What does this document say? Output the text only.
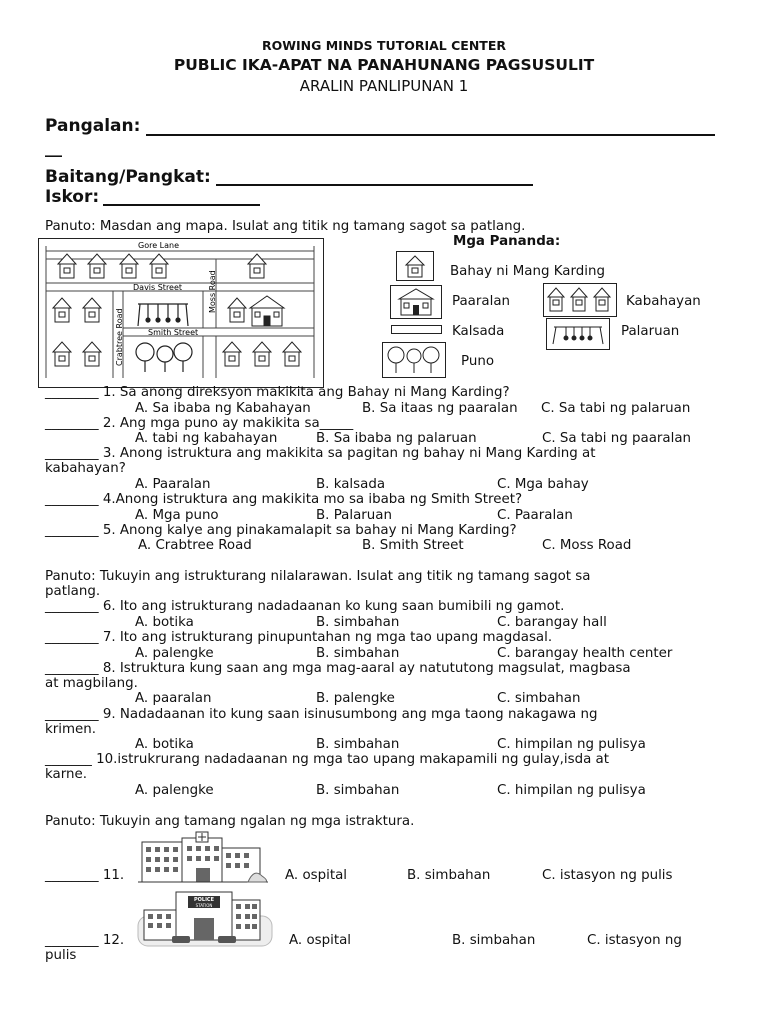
ROWING MINDS TUTORIAL CENTER
PUBLIC IKA-APAT NA PANAHUNANG PAGSUSULIT
ARALIN PANLIPUNAN 1
Pangalan:
__
Baitang/Pangkat:
Iskor:
Panuto: Masdan ang mapa. Isulat ang titik ng tamang sagot sa patlang.
Gore Lane
Davis Street
Smith Street
Crabtree Road
Moss Road
Mga Pananda:
Bahay ni Mang Karding
Paaralan	Kabahayan
Kalsada	Palaruan
Puno
________ 1. Sa anong direksyon makikita ang Bahay ni Mang Karding?
A. Sa ibaba ng Kabahayan	B. Sa itaas ng paaralan C. Sa tabi ng palaruan
________ 2. Ang mga puno ay makikita sa_____
A. tabi ng kabahayan	B. Sa ibaba ng palaruan	C. Sa tabi ng paaralan
________ 3. Anong istruktura ang makikita sa pagitan ng bahay ni Mang Karding at
kabahayan?
A. Paaralan	B. kalsada	C. Mga bahay
________ 4.Anong istruktura ang makikita mo sa ibaba ng Smith Street?
A. Mga puno	B. Palaruan	C. Paaralan
________ 5. Anong kalye ang pinakamalapit sa bahay ni Mang Karding?
A. Crabtree Road	B. Smith Street	C. Moss Road
Panuto: Tukuyin ang istrukturang nilalarawan. Isulat ang titik ng tamang sagot sa
patlang.
________ 6. Ito ang istrukturang nadadaanan ko kung saan bumibili ng gamot.
A. botika	B. simbahan	C. barangay hall
________ 7. Ito ang istrukturang pinupuntahan ng mga tao upang magdasal.
A. palengke	B. simbahan	C. barangay health center
________ 8. Istruktura kung saan ang mga mag-aaral ay natututong magsulat, magbasa
at magbilang.
A. paaralan	B. palengke	C. simbahan
________ 9. Nadadaanan ito kung saan isinusumbong ang mga taong nakagawa ng
krimen.
A. botika	B. simbahan	C. himpilan ng pulisya
_______ 10.istrukrurang nadadaanan ng mga tao upang makapamili ng gulay,isda at
karne.
A. palengke	B. simbahan	C. himpilan ng pulisya
Panuto: Tukuyin ang tamang ngalan ng mga istraktura.
________ 11.	A. ospital	B. simbahan	C. istasyon ng pulis
POLICE
STATION
________ 12.	A. ospital	B. simbahan	C. istasyon ng
pulis
